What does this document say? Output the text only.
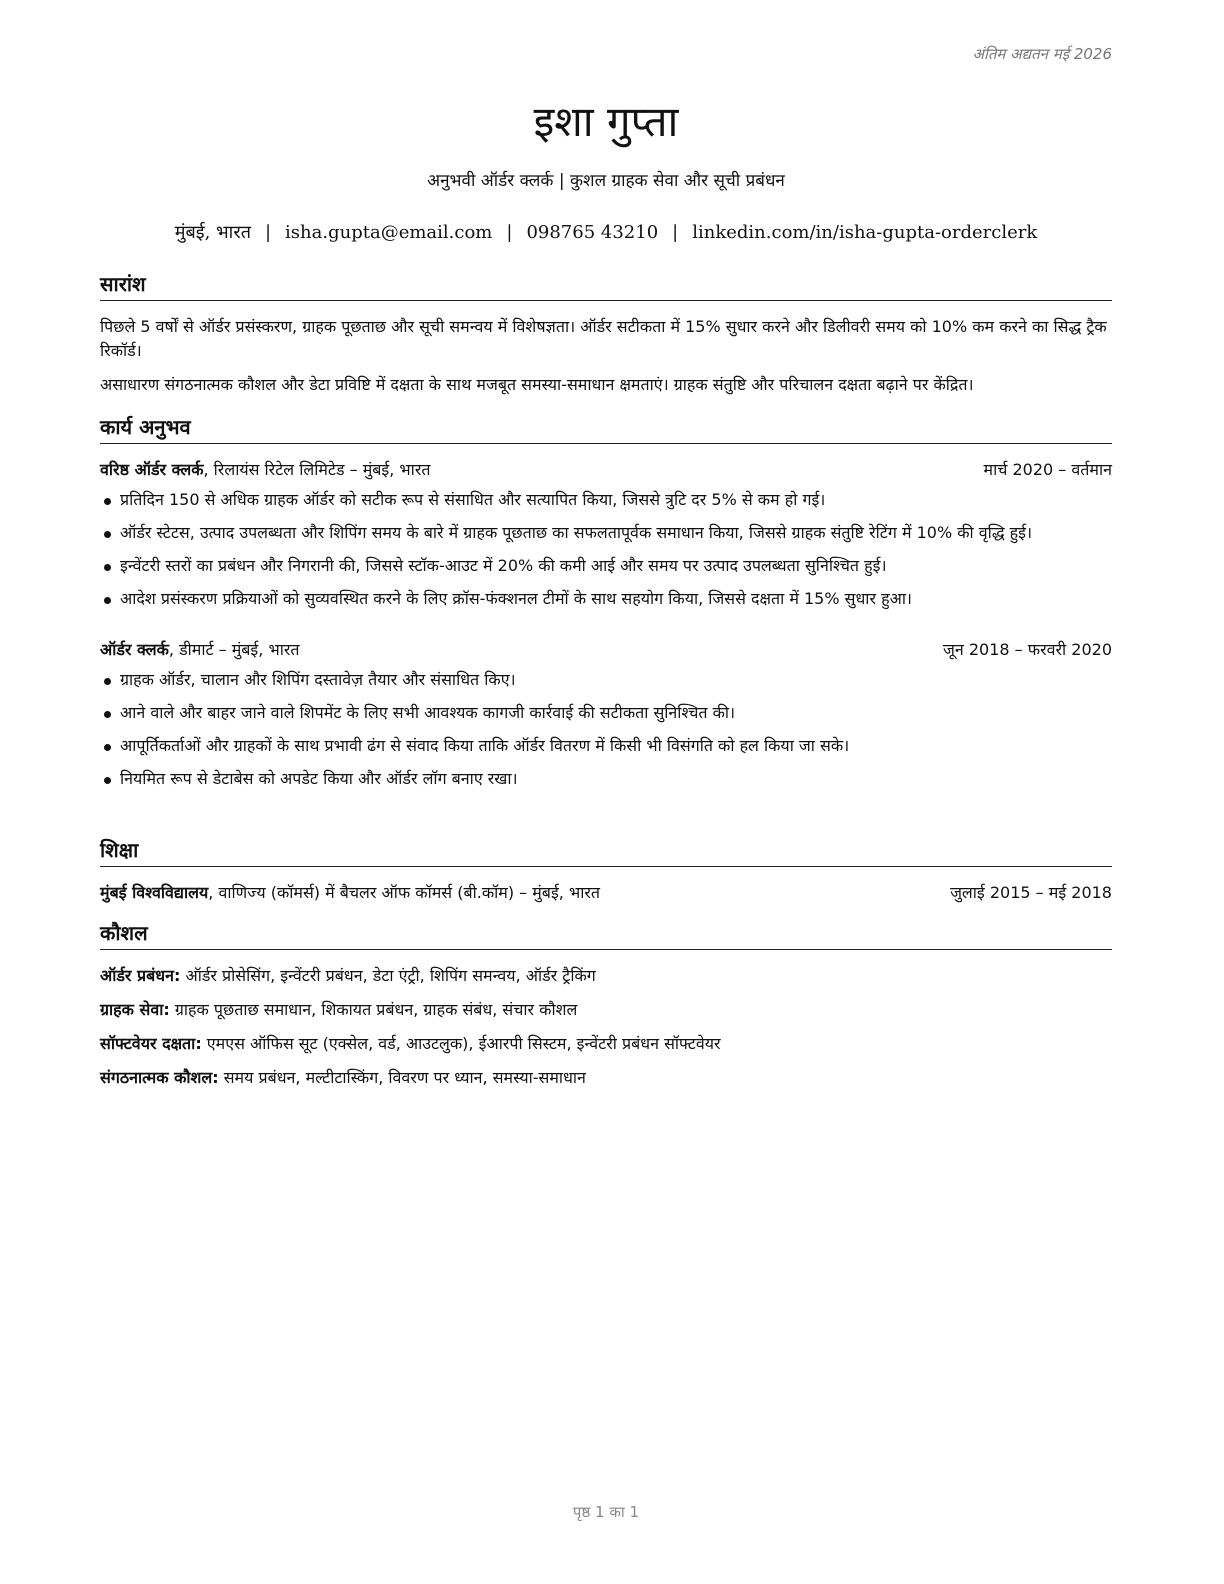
अंतिम अद्यतन मई 2026
इशा गुप्ता
अनुभवी ऑर्डर क्लर्क | कुशल ग्राहक सेवा और सूची प्रबंधन
मुंबई, भारत | isha.gupta@email.com | 098765 43210 | linkedin.com/in/isha-gupta-orderclerk
सारांश

पिछले 5 वर्षों से ऑर्डर प्रसंस्करण, ग्राहक पूछताछ और सूची समन्वय में विशेषज्ञता। ऑर्डर सटीकता में 15% सुधार करने और डिलीवरी समय को 10% कम करने का सिद्ध ट्रैक रिकॉर्ड।

असाधारण संगठनात्मक कौशल और डेटा प्रविष्टि में दक्षता के साथ मजबूत समस्या-समाधान क्षमताएं। ग्राहक संतुष्टि और परिचालन दक्षता बढ़ाने पर केंद्रित।

कार्य अनुभव
वरिष्ठ ऑर्डर क्लर्क, रिलायंस रिटेल लिमिटेड – मुंबई, भारत	मार्च 2020 – वर्तमान
प्रतिदिन 150 से अधिक ग्राहक ऑर्डर को सटीक रूप से संसाधित और सत्यापित किया, जिससे त्रुटि दर 5% से कम हो गई।
ऑर्डर स्टेटस, उत्पाद उपलब्धता और शिपिंग समय के बारे में ग्राहक पूछताछ का सफलतापूर्वक समाधान किया, जिससे ग्राहक संतुष्टि रेटिंग में 10% की वृद्धि हुई।
इन्वेंटरी स्तरों का प्रबंधन और निगरानी की, जिससे स्टॉक-आउट में 20% की कमी आई और समय पर उत्पाद उपलब्धता सुनिश्चित हुई।
आदेश प्रसंस्करण प्रक्रियाओं को सुव्यवस्थित करने के लिए क्रॉस-फंक्शनल टीमों के साथ सहयोग किया, जिससे दक्षता में 15% सुधार हुआ।
ऑर्डर क्लर्क, डीमार्ट – मुंबई, भारत	जून 2018 – फरवरी 2020
ग्राहक ऑर्डर, चालान और शिपिंग दस्तावेज़ तैयार और संसाधित किए।
आने वाले और बाहर जाने वाले शिपमेंट के लिए सभी आवश्यक कागजी कार्रवाई की सटीकता सुनिश्चित की।
आपूर्तिकर्ताओं और ग्राहकों के साथ प्रभावी ढंग से संवाद किया ताकि ऑर्डर वितरण में किसी भी विसंगति को हल किया जा सके।
नियमित रूप से डेटाबेस को अपडेट किया और ऑर्डर लॉग बनाए रखा।
शिक्षा
मुंबई विश्वविद्यालय, वाणिज्य (कॉमर्स) में बैचलर ऑफ कॉमर्स (बी.कॉम) – मुंबई, भारत	जुलाई 2015 – मई 2018
कौशल
ऑर्डर प्रबंधन: ऑर्डर प्रोसेसिंग, इन्वेंटरी प्रबंधन, डेटा एंट्री, शिपिंग समन्वय, ऑर्डर ट्रैकिंग
ग्राहक सेवा: ग्राहक पूछताछ समाधान, शिकायत प्रबंधन, ग्राहक संबंध, संचार कौशल
सॉफ्टवेयर दक्षता: एमएस ऑफिस सूट (एक्सेल, वर्ड, आउटलुक), ईआरपी सिस्टम, इन्वेंटरी प्रबंधन सॉफ्टवेयर
संगठनात्मक कौशल: समय प्रबंधन, मल्टीटास्किंग, विवरण पर ध्यान, समस्या-समाधान
पृष्ठ 1 का 1
